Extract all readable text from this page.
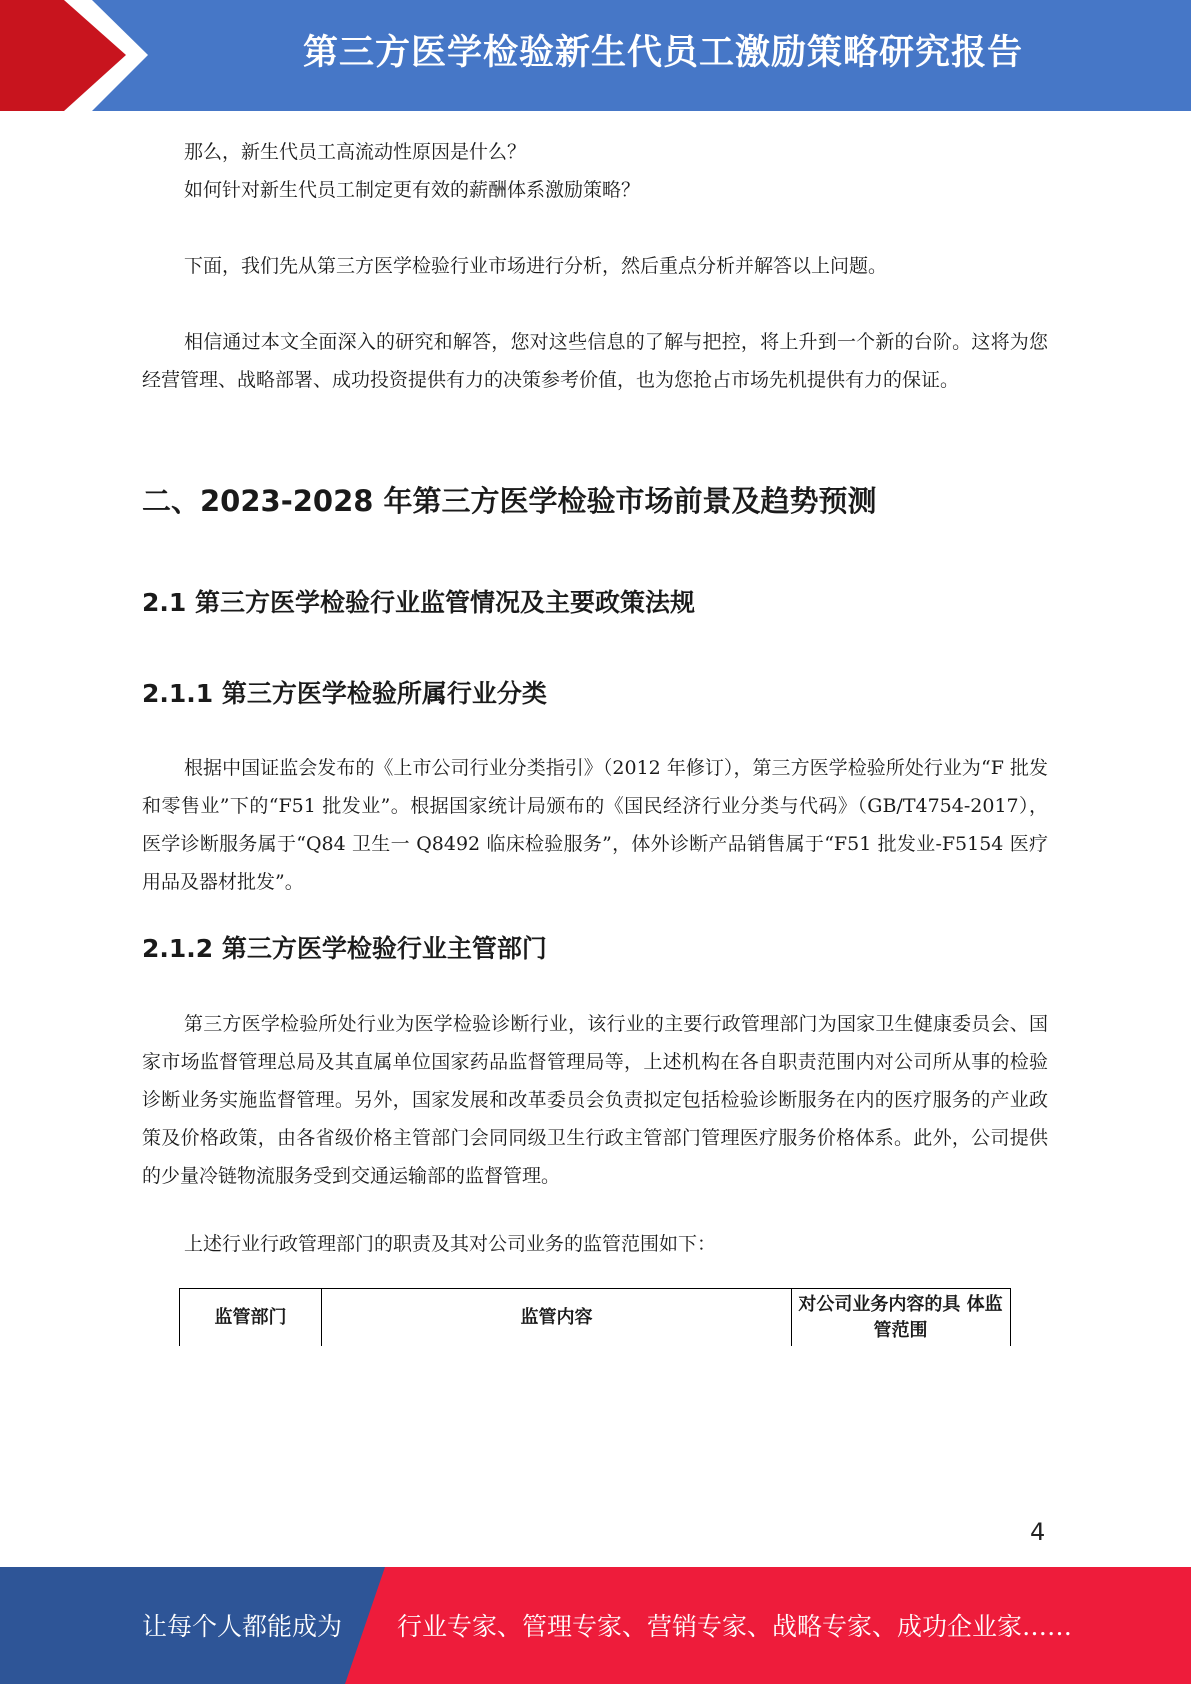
第三方医学检验新生代员工激励策略研究报告
那么，新生代员工高流动性原因是什么？
如何针对新生代员工制定更有效的薪酬体系激励策略？
下面，我们先从第三方医学检验行业市场进行分析，然后重点分析并解答以上问题。
相信通过本文全面深入的研究和解答，您对这些信息的了解与把控，将上升到一个新的台阶。这将为您经营管理、战略部署、成功投资提供有力的决策参考价值，也为您抢占市场先机提供有力的保证。
二、2023-2028 年第三方医学检验市场前景及趋势预测
2.1 第三方医学检验行业监管情况及主要政策法规
2.1.1 第三方医学检验所属行业分类
根据中国证监会发布的《上市公司行业分类指引》（2012 年修订），第三方医学检验所处行业为“F 批发和零售业”下的“F51 批发业”。根据国家统计局颁布的《国民经济行业分类与代码》（GB/T4754-2017），医学诊断服务属于“Q84 卫生一 Q8492 临床检验服务”，体外诊断产品销售属于“F51 批发业-F5154 医疗用品及器材批发”。
2.1.2 第三方医学检验行业主管部门
第三方医学检验所处行业为医学检验诊断行业，该行业的主要行政管理部门为国家卫生健康委员会、国家市场监督管理总局及其直属单位国家药品监督管理局等，上述机构在各自职责范围内对公司所从事的检验诊断业务实施监督管理。另外，国家发展和改革委员会负责拟定包括检验诊断服务在内的医疗服务的产业政策及价格政策，由各省级价格主管部门会同同级卫生行政主管部门管理医疗服务价格体系。此外，公司提供的少量冷链物流服务受到交通运输部的监督管理。
上述行业行政管理部门的职责及其对公司业务的监管范围如下：
监管部门	监管内容
对公司业务内容的具 体监管范围
4
让每个人都能成为 行业专家、管理专家、营销专家、战略专家、成功企业家……
